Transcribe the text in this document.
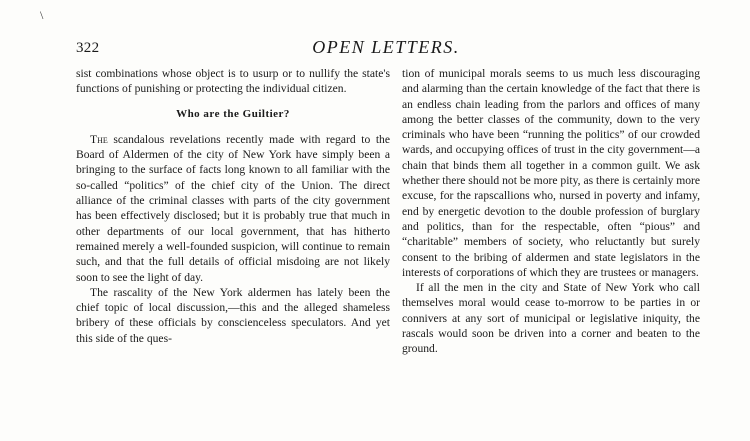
\
322	OPEN LETTERS.

sist combinations whose object is to usurp or to nullify the state's functions of punishing or protecting the individual citizen.

Who are the Guiltier?

The scandalous revelations recently made with regard to the Board of Aldermen of the city of New York have simply been a bringing to the surface of facts long known to all familiar with the so-called “politics” of the chief city of the Union. The direct alliance of the criminal classes with parts of the city government has been effectively disclosed; but it is probably true that much in other departments of our local government, that has hitherto remained merely a well-founded suspicion, will continue to remain such, and that the full details of official misdoing are not likely soon to see the light of day.

The rascality of the New York aldermen has lately been the chief topic of local discussion,—this and the alleged shameless bribery of these officials by conscienceless speculators. And yet this side of the ques-

tion of municipal morals seems to us much less discouraging and alarming than the certain knowledge of the fact that there is an endless chain leading from the parlors and offices of many among the better classes of the community, down to the very criminals who have been “running the politics” of our crowded wards, and occupying offices of trust in the city government—a chain that binds them all together in a common guilt. We ask whether there should not be more pity, as there is certainly more excuse, for the rapscallions who, nursed in poverty and infamy, end by energetic devotion to the double profession of burglary and politics, than for the respectable, often “pious” and “charitable” members of society, who reluctantly but surely consent to the bribing of aldermen and state legislators in the interests of corporations of which they are trustees or managers.

If all the men in the city and State of New York who call themselves moral would cease to-morrow to be parties in or connivers at any sort of municipal or legislative iniquity, the rascals would soon be driven into a corner and beaten to the ground.
